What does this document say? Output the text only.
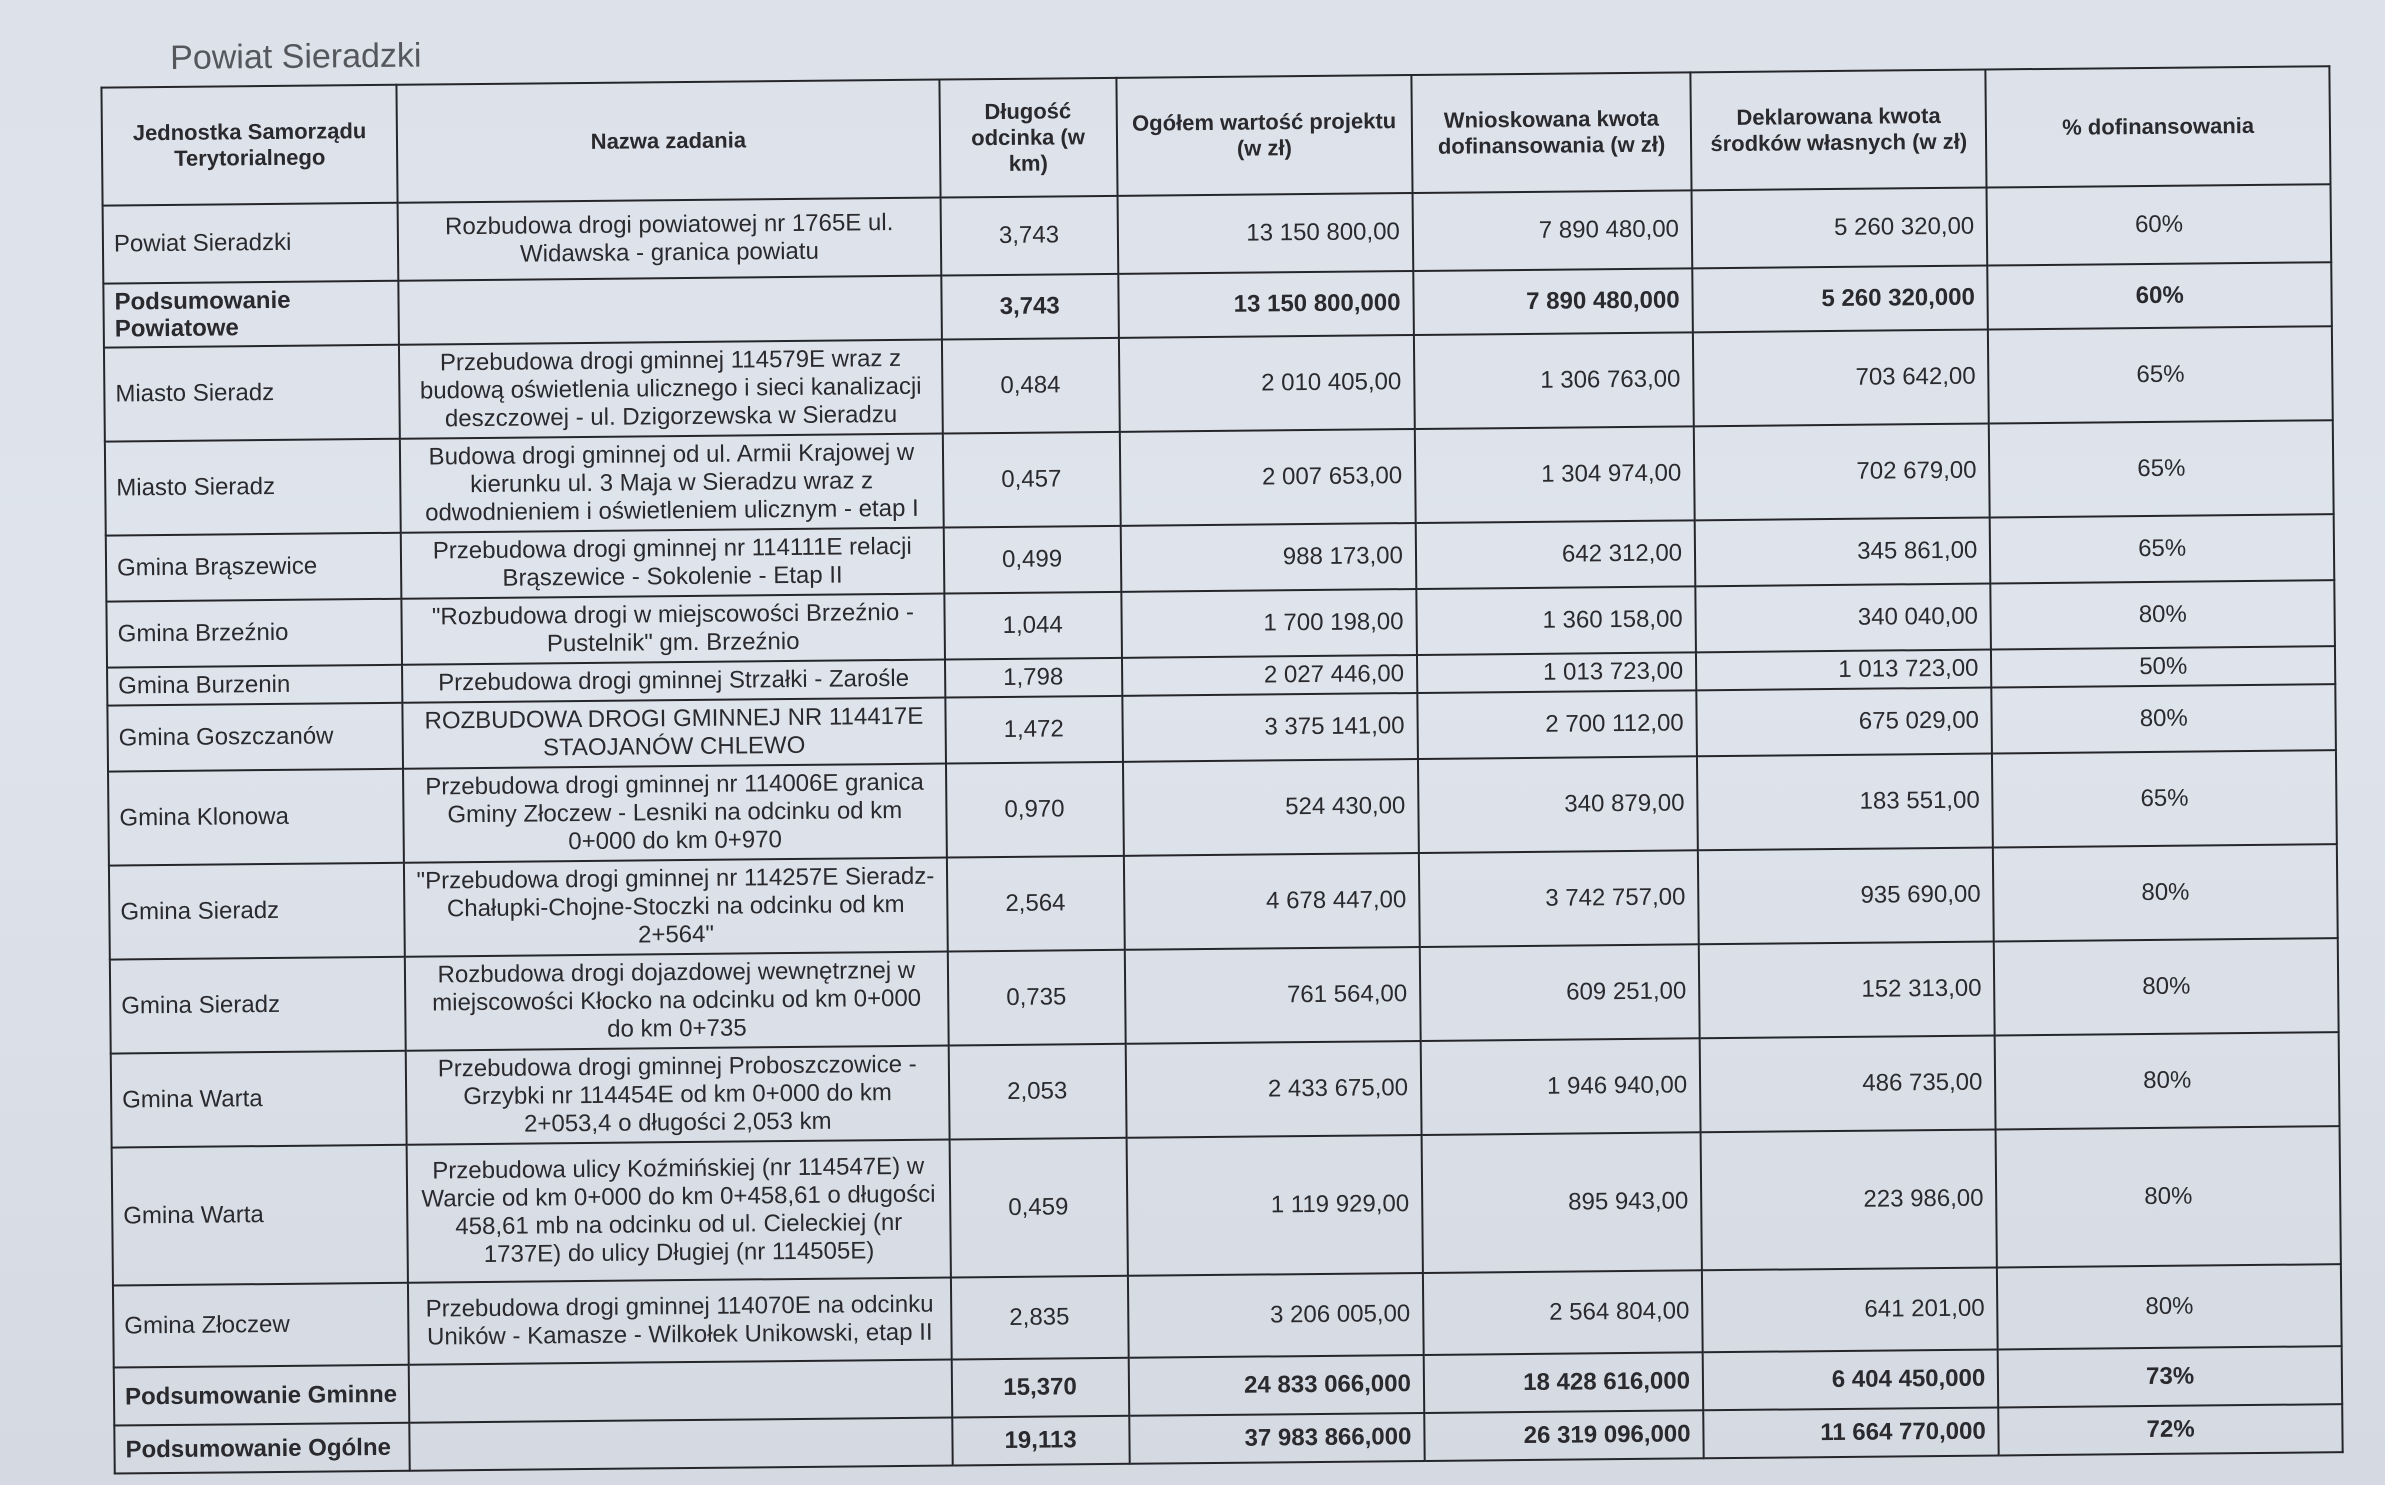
Powiat Sieradzki
Jednostka Samorządu Terytorialnego	Nazwa zadania	Długość odcinka (w km)	Ogółem wartość projektu (w zł)	Wnioskowana kwota dofinansowania (w zł)	Deklarowana kwota środków własnych (w zł)	% dofinansowania
Powiat Sieradzki	Rozbudowa drogi powiatowej nr 1765E ul. Widawska - granica powiatu	3,743	13 150 800,00	7 890 480,00	5 260 320,00	60%
Podsumowanie Powiatowe		3,743	13 150 800,000	7 890 480,000	5 260 320,000	60%
Miasto Sieradz	Przebudowa drogi gminnej 114579E wraz z budową oświetlenia ulicznego i sieci kanalizacji deszczowej - ul. Dzigorzewska w Sieradzu	0,484	2 010 405,00	1 306 763,00	703 642,00	65%
Miasto Sieradz	Budowa drogi gminnej od ul. Armii Krajowej w kierunku ul. 3 Maja w Sieradzu wraz z odwodnieniem i oświetleniem ulicznym - etap I	0,457	2 007 653,00	1 304 974,00	702 679,00	65%
Gmina Brąszewice	Przebudowa drogi gminnej nr 114111E relacji Brąszewice - Sokolenie - Etap II	0,499	988 173,00	642 312,00	345 861,00	65%
Gmina Brzeźnio	"Rozbudowa drogi w miejscowości Brzeźnio - Pustelnik" gm. Brzeźnio	1,044	1 700 198,00	1 360 158,00	340 040,00	80%
Gmina Burzenin	Przebudowa drogi gminnej Strzałki - Zarośle	1,798	2 027 446,00	1 013 723,00	1 013 723,00	50%
Gmina Goszczanów	ROZBUDOWA DROGI GMINNEJ NR 114417E STAOJANÓW CHLEWO	1,472	3 375 141,00	2 700 112,00	675 029,00	80%
Gmina Klonowa	Przebudowa drogi gminnej nr 114006E granica Gminy Złoczew - Lesniki na odcinku od km 0+000 do km 0+970	0,970	524 430,00	340 879,00	183 551,00	65%
Gmina Sieradz	"Przebudowa drogi gminnej nr 114257E Sieradz-Chałupki-Chojne-Stoczki na odcinku od km 2+564"	2,564	4 678 447,00	3 742 757,00	935 690,00	80%
Gmina Sieradz	Rozbudowa drogi dojazdowej wewnętrznej w miejscowości Kłocko na odcinku od km 0+000 do km 0+735	0,735	761 564,00	609 251,00	152 313,00	80%
Gmina Warta	Przebudowa drogi gminnej Proboszczowice - Grzybki nr 114454E od km 0+000 do km 2+053,4 o długości 2,053 km	2,053	2 433 675,00	1 946 940,00	486 735,00	80%
Gmina Warta	Przebudowa ulicy Koźmińskiej (nr 114547E) w Warcie od km 0+000 do km 0+458,61 o długości 458,61 mb na odcinku od ul. Cieleckiej (nr 1737E) do ulicy Długiej (nr 114505E)	0,459	1 119 929,00	895 943,00	223 986,00	80%
Gmina Złoczew	Przebudowa drogi gminnej 114070E na odcinku Uników - Kamasze - Wilkołek Unikowski, etap II	2,835	3 206 005,00	2 564 804,00	641 201,00	80%
Podsumowanie Gminne		15,370	24 833 066,000	18 428 616,000	6 404 450,000	73%
Podsumowanie Ogólne		19,113	37 983 866,000	26 319 096,000	11 664 770,000	72%
